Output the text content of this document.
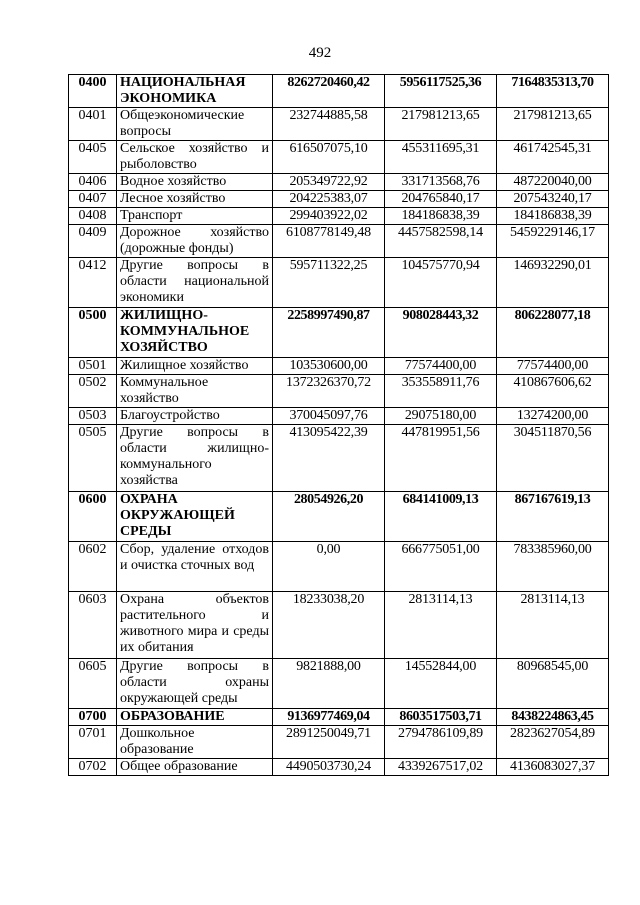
492
0400	НАЦИОНАЛЬНАЯ ЭКОНОМИКА	8262720460,42	5956117525,36	7164835313,70
0401	Общеэкономические вопросы	232744885,58	217981213,65	217981213,65
0405	Сельское хозяйство и рыболовство	616507075,10	455311695,31	461742545,31
0406	Водное хозяйство	205349722,92	331713568,76	487220040,00
0407	Лесное хозяйство	204225383,07	204765840,17	207543240,17
0408	Транспорт	299403922,02	184186838,39	184186838,39
0409	Дорожное хозяйство (дорожные фонды)	6108778149,48	4457582598,14	5459229146,17
0412	Другие вопросы в области национальной экономики	595711322,25	104575770,94	146932290,01
0500	ЖИЛИЩНО-КОММУНАЛЬНОЕ ХОЗЯЙСТВО	2258997490,87	908028443,32	806228077,18
0501	Жилищное хозяйство	103530600,00	77574400,00	77574400,00
0502	Коммунальное хозяйство	1372326370,72	353558911,76	410867606,62
0503	Благоустройство	370045097,76	29075180,00	13274200,00
0505	Другие вопросы в области жилищно-коммунального хозяйства	413095422,39	447819951,56	304511870,56
0600	ОХРАНА ОКРУЖАЮЩЕЙ СРЕДЫ	28054926,20	684141009,13	867167619,13
0602	Сбор, удаление отходов и очистка сточных вод	0,00	666775051,00	783385960,00
0603	Охрана объектов растительного и животного мира и среды их обитания	18233038,20	2813114,13	2813114,13
0605	Другие вопросы в области охраны окружающей среды	9821888,00	14552844,00	80968545,00
0700	ОБРАЗОВАНИЕ	9136977469,04	8603517503,71	8438224863,45
0701	Дошкольное образование	2891250049,71	2794786109,89	2823627054,89
0702	Общее образование	4490503730,24	4339267517,02	4136083027,37
